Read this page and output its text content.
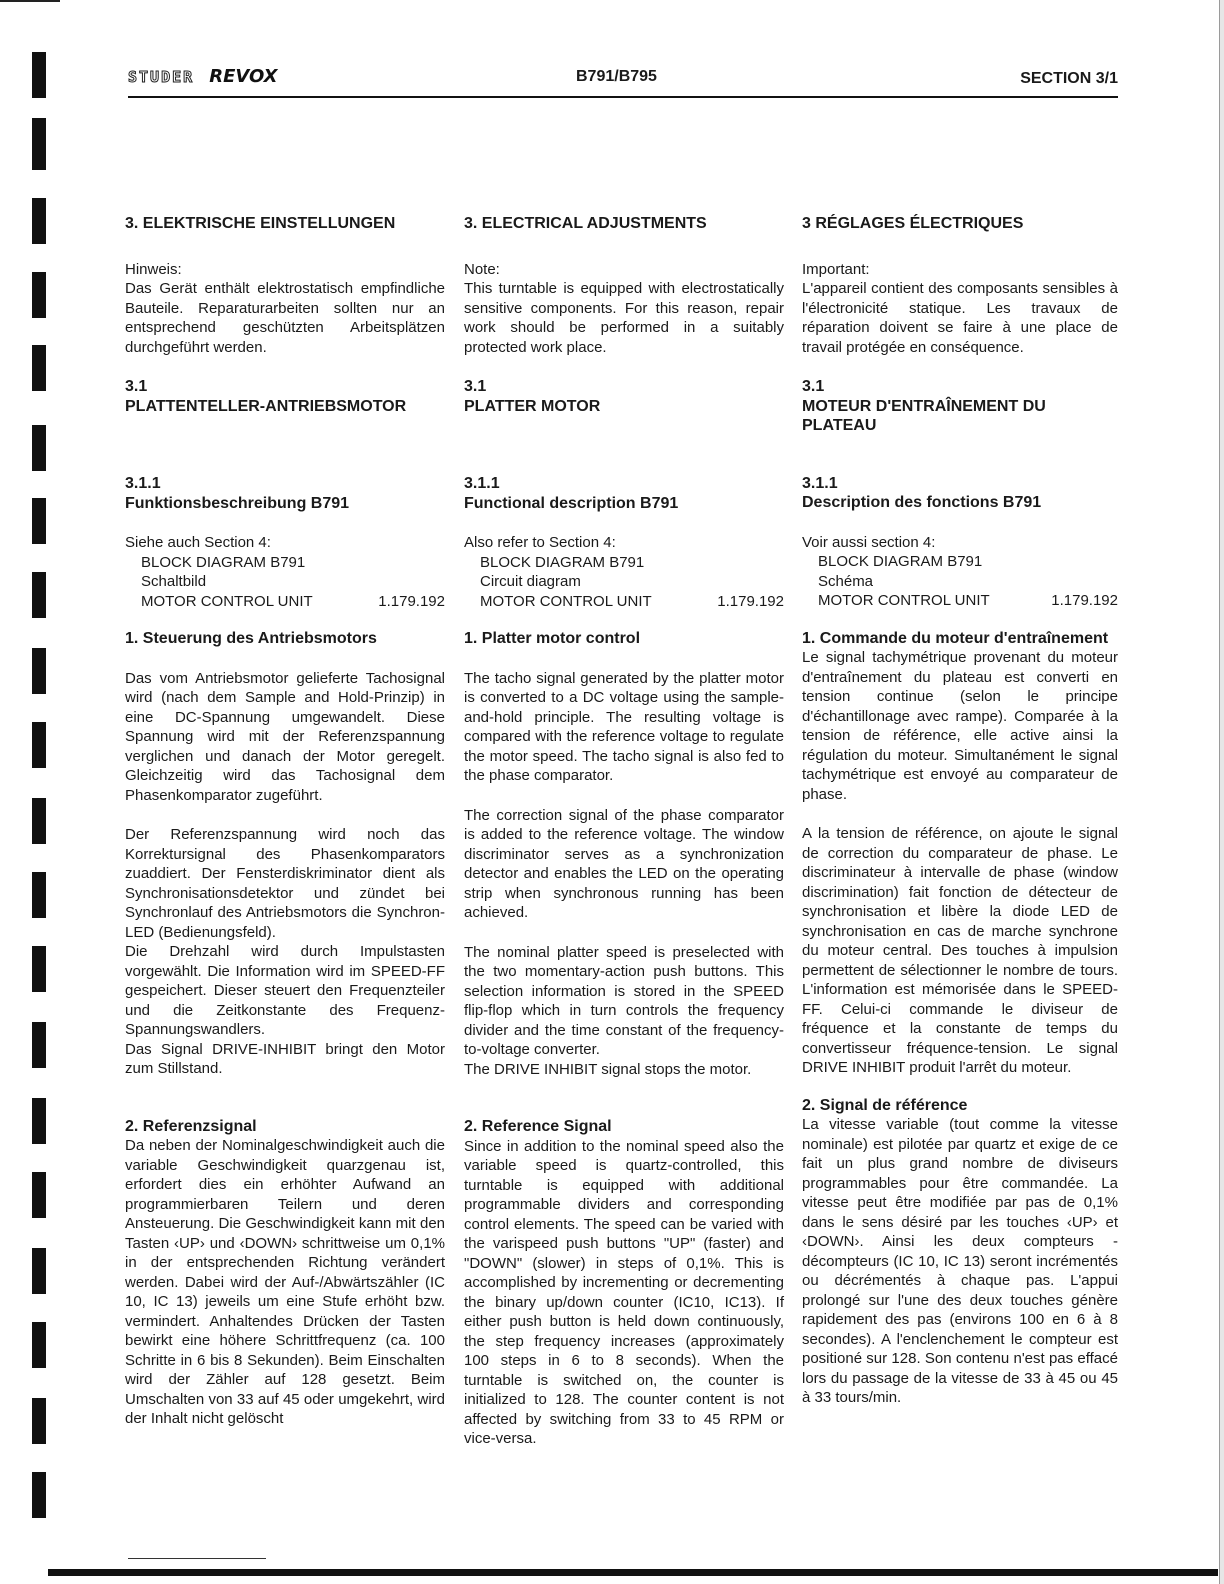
STUDER REVOX	B791/B795	SECTION 3/1

3. ELEKTRISCHE EINSTELLUNGEN

Hinweis:

Das Gerät enthält elektrostatisch empfindliche Bauteile. Reparaturarbeiten sollten nur an entsprechend geschützten Arbeitsplätzen durchgeführt werden.

3.1

PLATTENTELLER-ANTRIEBSMOTOR

3.1.1

Funktionsbeschreibung B791

Siehe auch Section 4:

BLOCK DIAGRAM B791

Schaltbild

MOTOR CONTROL UNIT	1.179.192

1. Steuerung des Antriebsmotors

Das vom Antriebsmotor gelieferte Tachosignal wird (nach dem Sample and Hold-Prinzip) in eine DC-Spannung umgewandelt. Diese Spannung wird mit der Referenzspannung verglichen und danach der Motor geregelt. Gleichzeitig wird das Tachosignal dem Phasenkomparator zugeführt.

Der Referenzspannung wird noch das Korrektursignal des Phasenkomparators zuaddiert. Der Fensterdiskriminator dient als Synchronisationsdetektor und zündet bei Synchronlauf des Antriebsmotors die Synchron-LED (Bedienungsfeld).

Die Drehzahl wird durch Impulstasten vorgewählt. Die Information wird im SPEED-FF gespeichert. Dieser steuert den Frequenzteiler und die Zeitkonstante des Frequenz-Spannungswandlers.

Das Signal DRIVE-INHIBIT bringt den Motor zum Stillstand.

2. Referenzsignal

Da neben der Nominalgeschwindigkeit auch die variable Geschwindigkeit quarzgenau ist, erfordert dies ein erhöhter Aufwand an programmierbaren Teilern und deren Ansteuerung. Die Geschwindigkeit kann mit den Tasten ‹UP› und ‹DOWN› schrittweise um 0,1% in der entsprechenden Richtung verändert werden. Dabei wird der Auf-/Abwärtszähler (IC 10, IC 13) jeweils um eine Stufe erhöht bzw. vermindert. Anhaltendes Drücken der Tasten bewirkt eine höhere Schrittfrequenz (ca. 100 Schritte in 6 bis 8 Sekunden). Beim Einschalten wird der Zähler auf 128 gesetzt. Beim Umschalten von 33 auf 45 oder umgekehrt, wird der Inhalt nicht gelöscht

3. ELECTRICAL ADJUSTMENTS

Note:

This turntable is equipped with electrostatically sensitive components. For this reason, repair work should be performed in a suitably protected work place.

3.1

PLATTER MOTOR

3.1.1

Functional description B791

Also refer to Section 4:

BLOCK DIAGRAM B791

Circuit diagram

MOTOR CONTROL UNIT	1.179.192

1. Platter motor control

The tacho signal generated by the platter motor is converted to a DC voltage using the sample-and-hold principle. The resulting voltage is compared with the reference voltage to regulate the motor speed. The tacho signal is also fed to the phase comparator.

The correction signal of the phase comparator is added to the reference voltage. The window discriminator serves as a synchronization detector and enables the LED on the operating strip when synchronous running has been achieved.

The nominal platter speed is preselected with the two momentary-action push buttons. This selection information is stored in the SPEED flip-flop which in turn controls the frequency divider and the time constant of the frequency-to-voltage converter.

The DRIVE INHIBIT signal stops the motor.

2. Reference Signal

Since in addition to the nominal speed also the variable speed is quartz-controlled, this turntable is equipped with additional programmable dividers and corresponding control elements. The speed can be varied with the varispeed push buttons "UP" (faster) and "DOWN" (slower) in steps of 0,1%. This is accomplished by incrementing or decrementing the binary up/down counter (IC10, IC13). If either push button is held down continuously, the step frequency increases (approximately 100 steps in 6 to 8 seconds). When the turntable is switched on, the counter is initialized to 128. The counter content is not affected by switching from 33 to 45 RPM or vice-versa.

3 RÉGLAGES ÉLECTRIQUES

Important:

L'appareil contient des composants sensibles à l'électronicité statique. Les travaux de réparation doivent se faire à une place de travail protégée en conséquence.

3.1

MOTEUR D'ENTRAÎNEMENT DU PLATEAU

3.1.1

Description des fonctions B791

Voir aussi section 4:

BLOCK DIAGRAM B791

Schéma

MOTOR CONTROL UNIT	1.179.192

1. Commande du moteur d'entraînement

Le signal tachymétrique provenant du moteur d'entraînement du plateau est converti en tension continue (selon le principe d'échantillonage avec rampe). Comparée à la tension de référence, elle active ainsi la régulation du moteur. Simultanément le signal tachymétrique est envoyé au comparateur de phase.

A la tension de référence, on ajoute le signal de correction du comparateur de phase. Le discriminateur à intervalle de phase (window discrimination) fait fonction de détecteur de synchronisation et libère la diode LED de synchronisation en cas de marche synchrone du moteur central. Des touches à impulsion permettent de sélectionner le nombre de tours. L'information est mémorisée dans le SPEED-FF. Celui-ci commande le diviseur de fréquence et la constante de temps du convertisseur fréquence-tension. Le signal DRIVE INHIBIT produit l'arrêt du moteur.

2. Signal de référence

La vitesse variable (tout comme la vitesse nominale) est pilotée par quartz et exige de ce fait un plus grand nombre de diviseurs programmables pour être commandée. La vitesse peut être modifiée par pas de 0,1% dans le sens désiré par les touches ‹UP› et ‹DOWN›. Ainsi les deux compteurs - décompteurs (IC 10, IC 13) seront incrémentés ou décrémentés à chaque pas. L'appui prolongé sur l'une des deux touches génère rapidement des pas (environs 100 en 6 à 8 secondes). A l'enclenchement le compteur est positioné sur 128. Son contenu n'est pas effacé lors du passage de la vitesse de 33 à 45 ou 45 à 33 tours/min.
